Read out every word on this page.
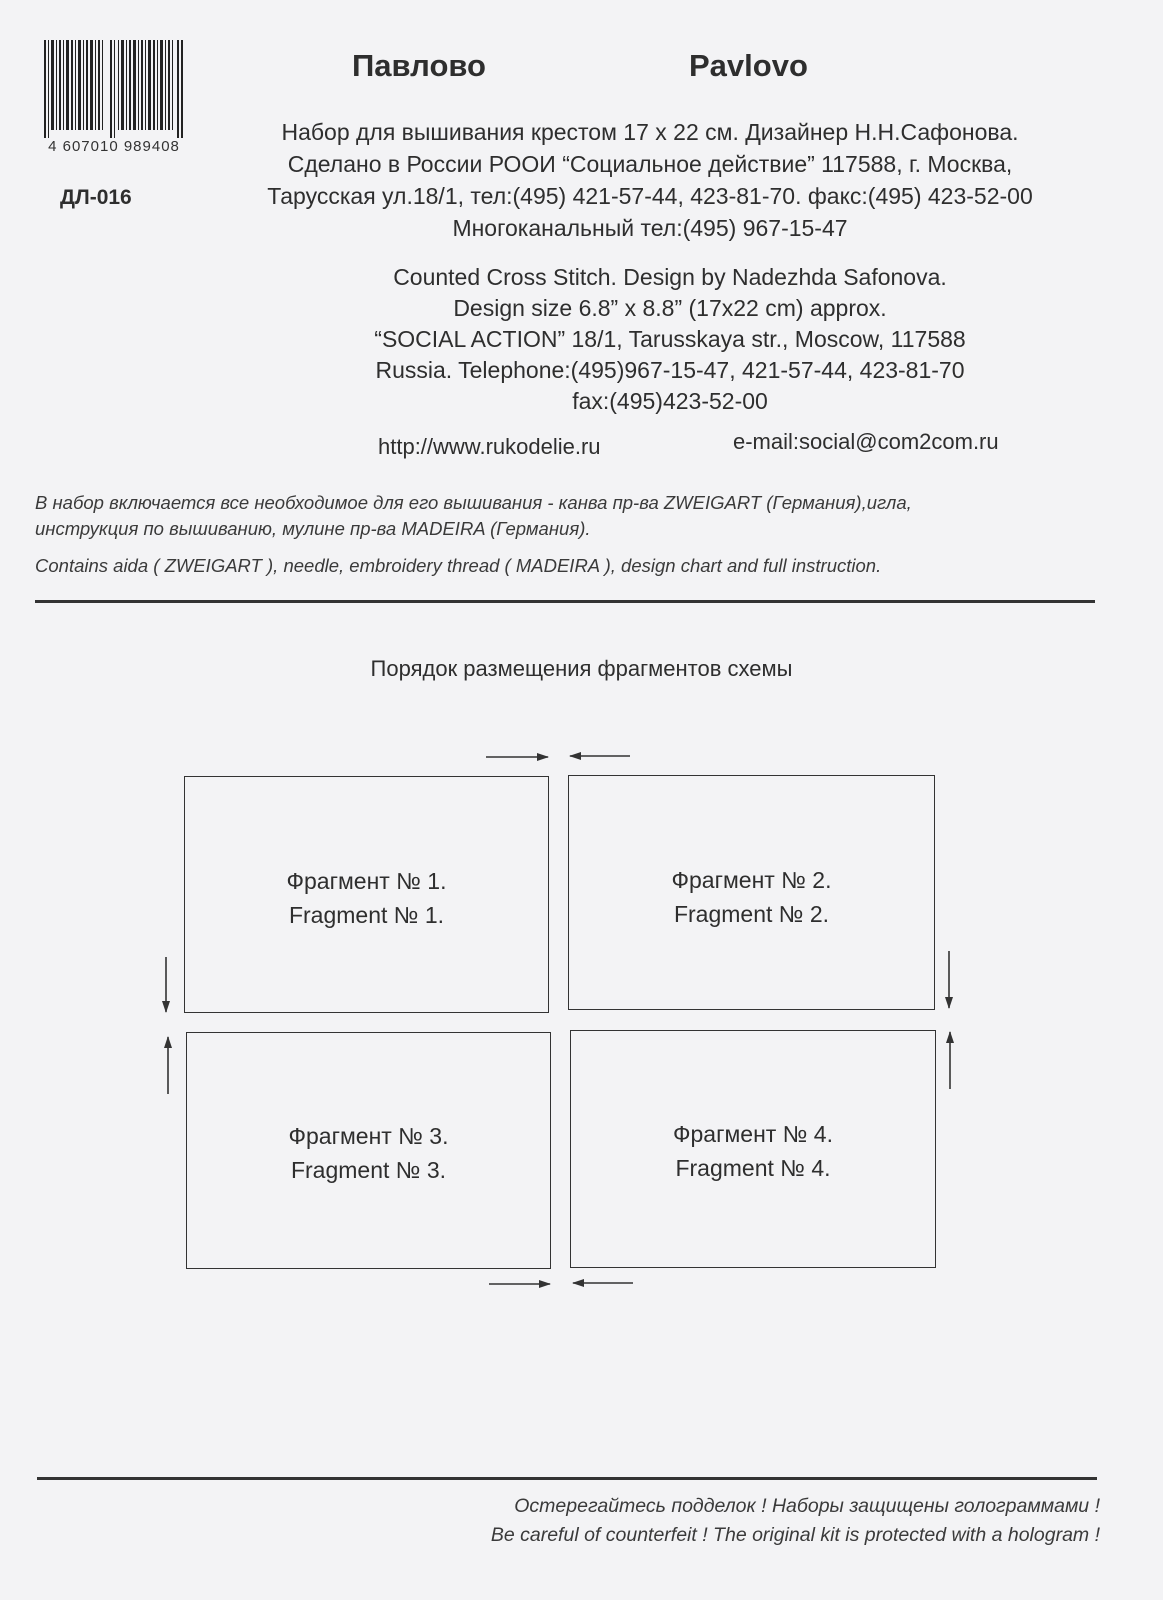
4 607010 989408
ДЛ-016
Павлово	Pavlovo
Набор для вышивания крестом 17 х 22 см. Дизайнер Н.Н.Сафонова.
Сделано в России РООИ “Социальное действие” 117588, г. Москва,
Тарусская ул.18/1, тел:(495) 421-57-44, 423-81-70. факс:(495) 423-52-00
Многоканальный тел:(495) 967-15-47
Counted Cross Stitch. Design by Nadezhda Safonova.
Design size 6.8” x 8.8” (17x22 cm) approx.
“SOCIAL ACTION” 18/1, Tarusskaya str., Moscow, 117588
Russia. Telephone:(495)967-15-47, 421-57-44, 423-81-70
fax:(495)423-52-00
http://www.rukodelie.ru	e-mail:social@com2com.ru
В набор включается все необходимое для его вышивания - канва пр-ва ZWEIGART (Германия),игла,
инструкция по вышиванию, мулине пр-ва MADEIRA (Германия).
Contains aida ( ZWEIGART ), needle, embroidery thread ( MADEIRA ), design chart and full instruction.
Порядок размещения фрагментов схемы
Фрагмент № 1.
Fragment № 1.
Фрагмент № 2.
Fragment № 2.
Фрагмент № 3.
Fragment № 3.
Фрагмент № 4.
Fragment № 4.
Остерегайтесь подделок ! Наборы защищены голограммами !
Be careful of counterfeit ! The original kit is protected with a hologram !
